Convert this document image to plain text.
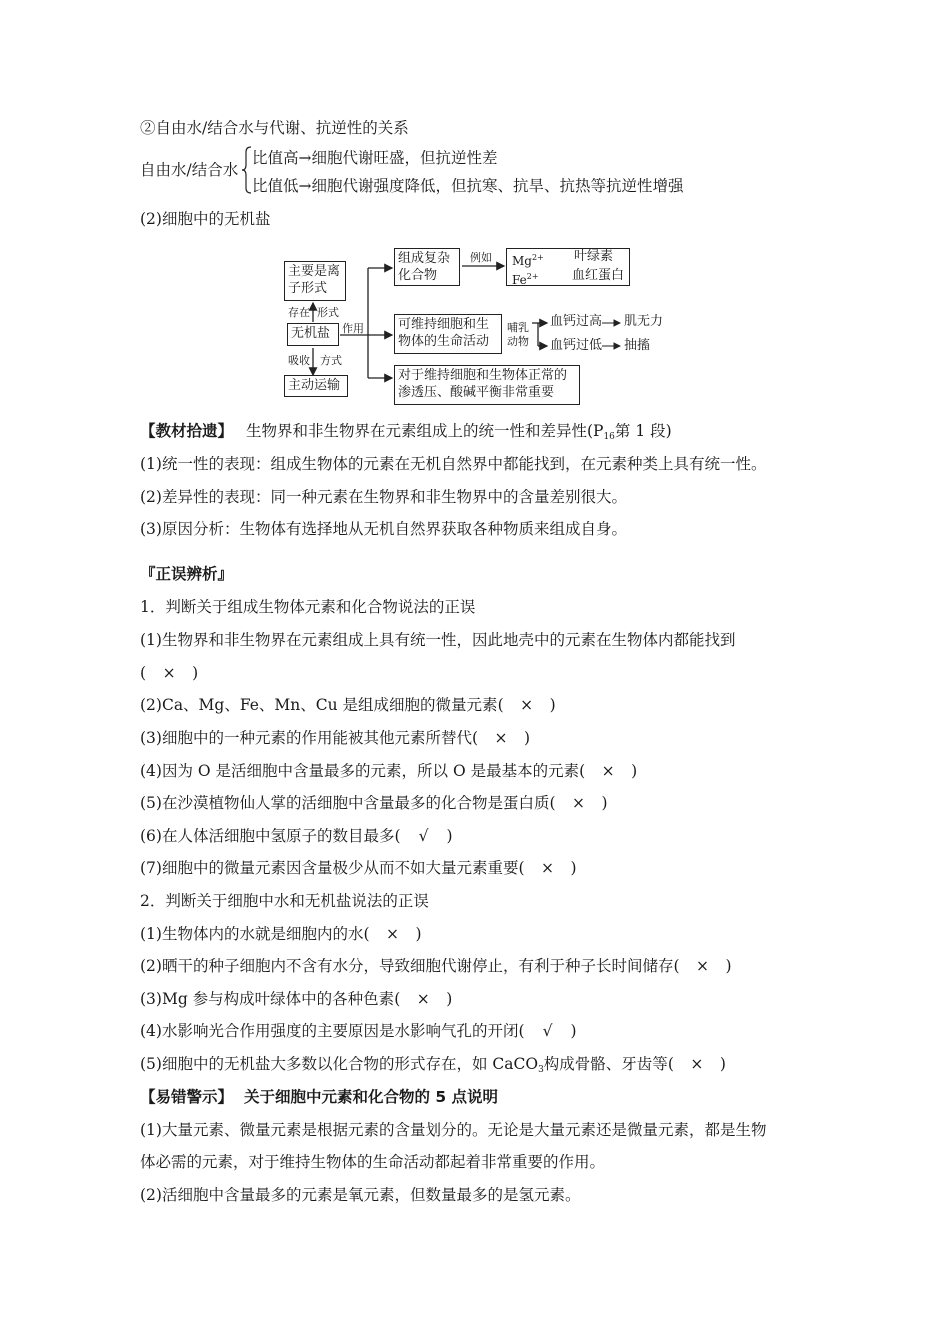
②自由水/结合水与代谢、抗逆性的关系
自由水/结合水
比值高→细胞代谢旺盛，但抗逆性差
比值低→细胞代谢强度降低，但抗寒、抗旱、抗热等抗逆性增强
(2)细胞中的无机盐
主要是离子形式
存在 形式
无机盐	作用
吸收 方式
主动运输
组成复杂化合物
例如 $Mg^{2+}$ 叶绿素
$Fe^{2+}$	血红蛋白
可维持细胞和生物体的生命活动
哺乳动物
血钙过高 肌无力
血钙过低 抽搐
对于维持细胞和生物体正常的渗透压、酸碱平衡非常重要
【教材拾遗】 生物界和非生物界在元素组成上的统一性和差异性($P_{16}$第 1 段)
(1)统一性的表现：组成生物体的元素在无机自然界中都能找到，在元素种类上具有统一性。
(2)差异性的表现：同一种元素在生物界和非生物界中的含量差别很大。
(3)原因分析：生物体有选择地从无机自然界获取各种物质来组成自身。
『正误辨析』
1．判断关于组成生物体元素和化合物说法的正误
(1)生物界和非生物界在元素组成上具有统一性，因此地壳中的元素在生物体内都能找到
( × )
(2)Ca、Mg、Fe、Mn、Cu 是组成细胞的微量元素( × )
(3)细胞中的一种元素的作用能被其他元素所替代( × )
(4)因为 O 是活细胞中含量最多的元素，所以 O 是最基本的元素( × )
(5)在沙漠植物仙人掌的活细胞中含量最多的化合物是蛋白质( × )
(6)在人体活细胞中氢原子的数目最多( √ )
(7)细胞中的微量元素因含量极少从而不如大量元素重要( × )
2．判断关于细胞中水和无机盐说法的正误
(1)生物体内的水就是细胞内的水( × )
(2)晒干的种子细胞内不含有水分，导致细胞代谢停止，有利于种子长时间储存( × )
(3)Mg 参与构成叶绿体中的各种色素( × )
(4)水影响光合作用强度的主要原因是水影响气孔的开闭( √ )
(5)细胞中的无机盐大多数以化合物的形式存在，如 CaCO$_3$构成骨骼、牙齿等( × )
【易错警示】 关于细胞中元素和化合物的 5 点说明
(1)大量元素、微量元素是根据元素的含量划分的。无论是大量元素还是微量元素，都是生物
体必需的元素，对于维持生物体的生命活动都起着非常重要的作用。
(2)活细胞中含量最多的元素是氧元素，但数量最多的是氢元素。
